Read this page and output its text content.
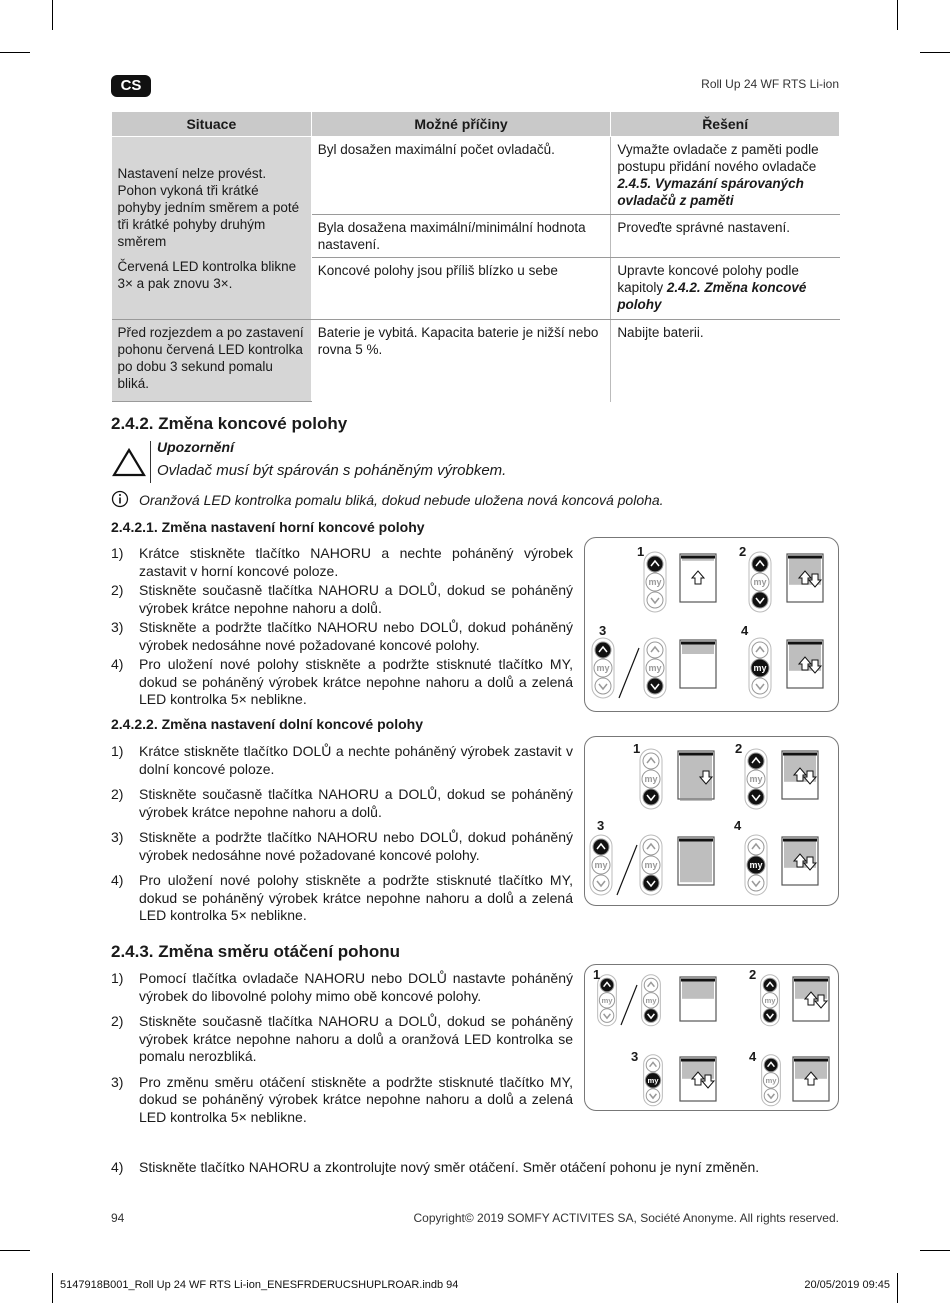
CS	Roll Up 24 WF RTS Li-ion
Situace	Možné příčiny	Řešení

Nastavení nelze provést. Pohon vykoná tři krátké pohyby jedním směrem a poté tři krátké pohyby druhým směrem

Červená LED kontrolka blikne 3× a pak znovu 3×.	Byl dosažen maximální počet ovladačů.	Vymažte ovladače z paměti podle postupu přidání nového ovladače 2.4.5. Vymazání spárovaných ovladačů z paměti
	Byla dosažena maximální/minimální hodnota nastavení.	Proveďte správné nastavení.
	Koncové polohy jsou příliš blízko u sebe	Upravte koncové polohy podle kapitoly 2.4.2. Změna koncové polohy
Před rozjezdem a po zastavení pohonu červená LED kontrolka po dobu 3 sekund pomalu bliká.	Baterie je vybitá. Kapacita baterie je nižší nebo rovna 5 %.	Nabijte baterii.
2.4.2. Změna koncové polohy
Upozornění
Ovladač musí být spárován s poháněným výrobkem.
Oranžová LED kontrolka pomalu bliká, dokud nebude uložena nová koncová poloha.
2.4.2.1. Změna nastavení horní koncové polohy
1) Krátce stiskněte tlačítko NAHORU a nechte poháněný výrobek zastavit v horní koncové poloze.
2) Stiskněte současně tlačítka NAHORU a DOLŮ, dokud se poháněný výrobek krátce nepohne nahoru a dolů.
3) Stiskněte a podržte tlačítko NAHORU nebo DOLŮ, dokud poháněný výrobek nedosáhne nové požadované koncové polohy.
4) Pro uložení nové polohy stiskněte a podržte stisknuté tlačítko MY, dokud se poháněný výrobek krátce nepohne nahoru a dolů a zelená LED kontrolka 5× neblikne.
2.4.2.2. Změna nastavení dolní koncové polohy
1) Krátce stiskněte tlačítko DOLŮ a nechte poháněný výrobek zastavit v dolní koncové poloze.
2) Stiskněte současně tlačítka NAHORU a DOLŮ, dokud se poháněný výrobek krátce nepohne nahoru a dolů.
3) Stiskněte a podržte tlačítko NAHORU nebo DOLŮ, dokud poháněný výrobek nedosáhne nové požadované koncové polohy.
4) Pro uložení nové polohy stiskněte a podržte stisknuté tlačítko MY, dokud se poháněný výrobek krátce nepohne nahoru a dolů a zelená LED kontrolka 5× neblikne.
2.4.3. Změna směru otáčení pohonu
1) Pomocí tlačítka ovladače NAHORU nebo DOLŮ nastavte poháněný výrobek do libovolné polohy mimo obě koncové polohy.
2) Stiskněte současně tlačítka NAHORU a DOLŮ, dokud se poháněný výrobek krátce nepohne nahoru a dolů a oranžová LED kontrolka se pomalu nerozbliká.
3) Pro změnu směru otáčení stiskněte a podržte stisknuté tlačítko MY, dokud se poháněný výrobek krátce nepohne nahoru a dolů a zelená LED kontrolka 5× neblikne.
4)	Stiskněte tlačítko NAHORU a zkontrolujte nový směr otáčení. Směr otáčení pohonu je nyní změněn.
my	my
my	my	my
1	2
3	4
my	my
my	my	my
1	2
3	4
my	my	my
my	my
1	2
3	4
94	Copyright© 2019 SOMFY ACTIVITES SA, Société Anonyme. All rights reserved.
5147918B001_Roll Up 24 WF RTS Li-ion_ENESFRDERUCSHUPLROAR.indb 94	20/05/2019 09:45
